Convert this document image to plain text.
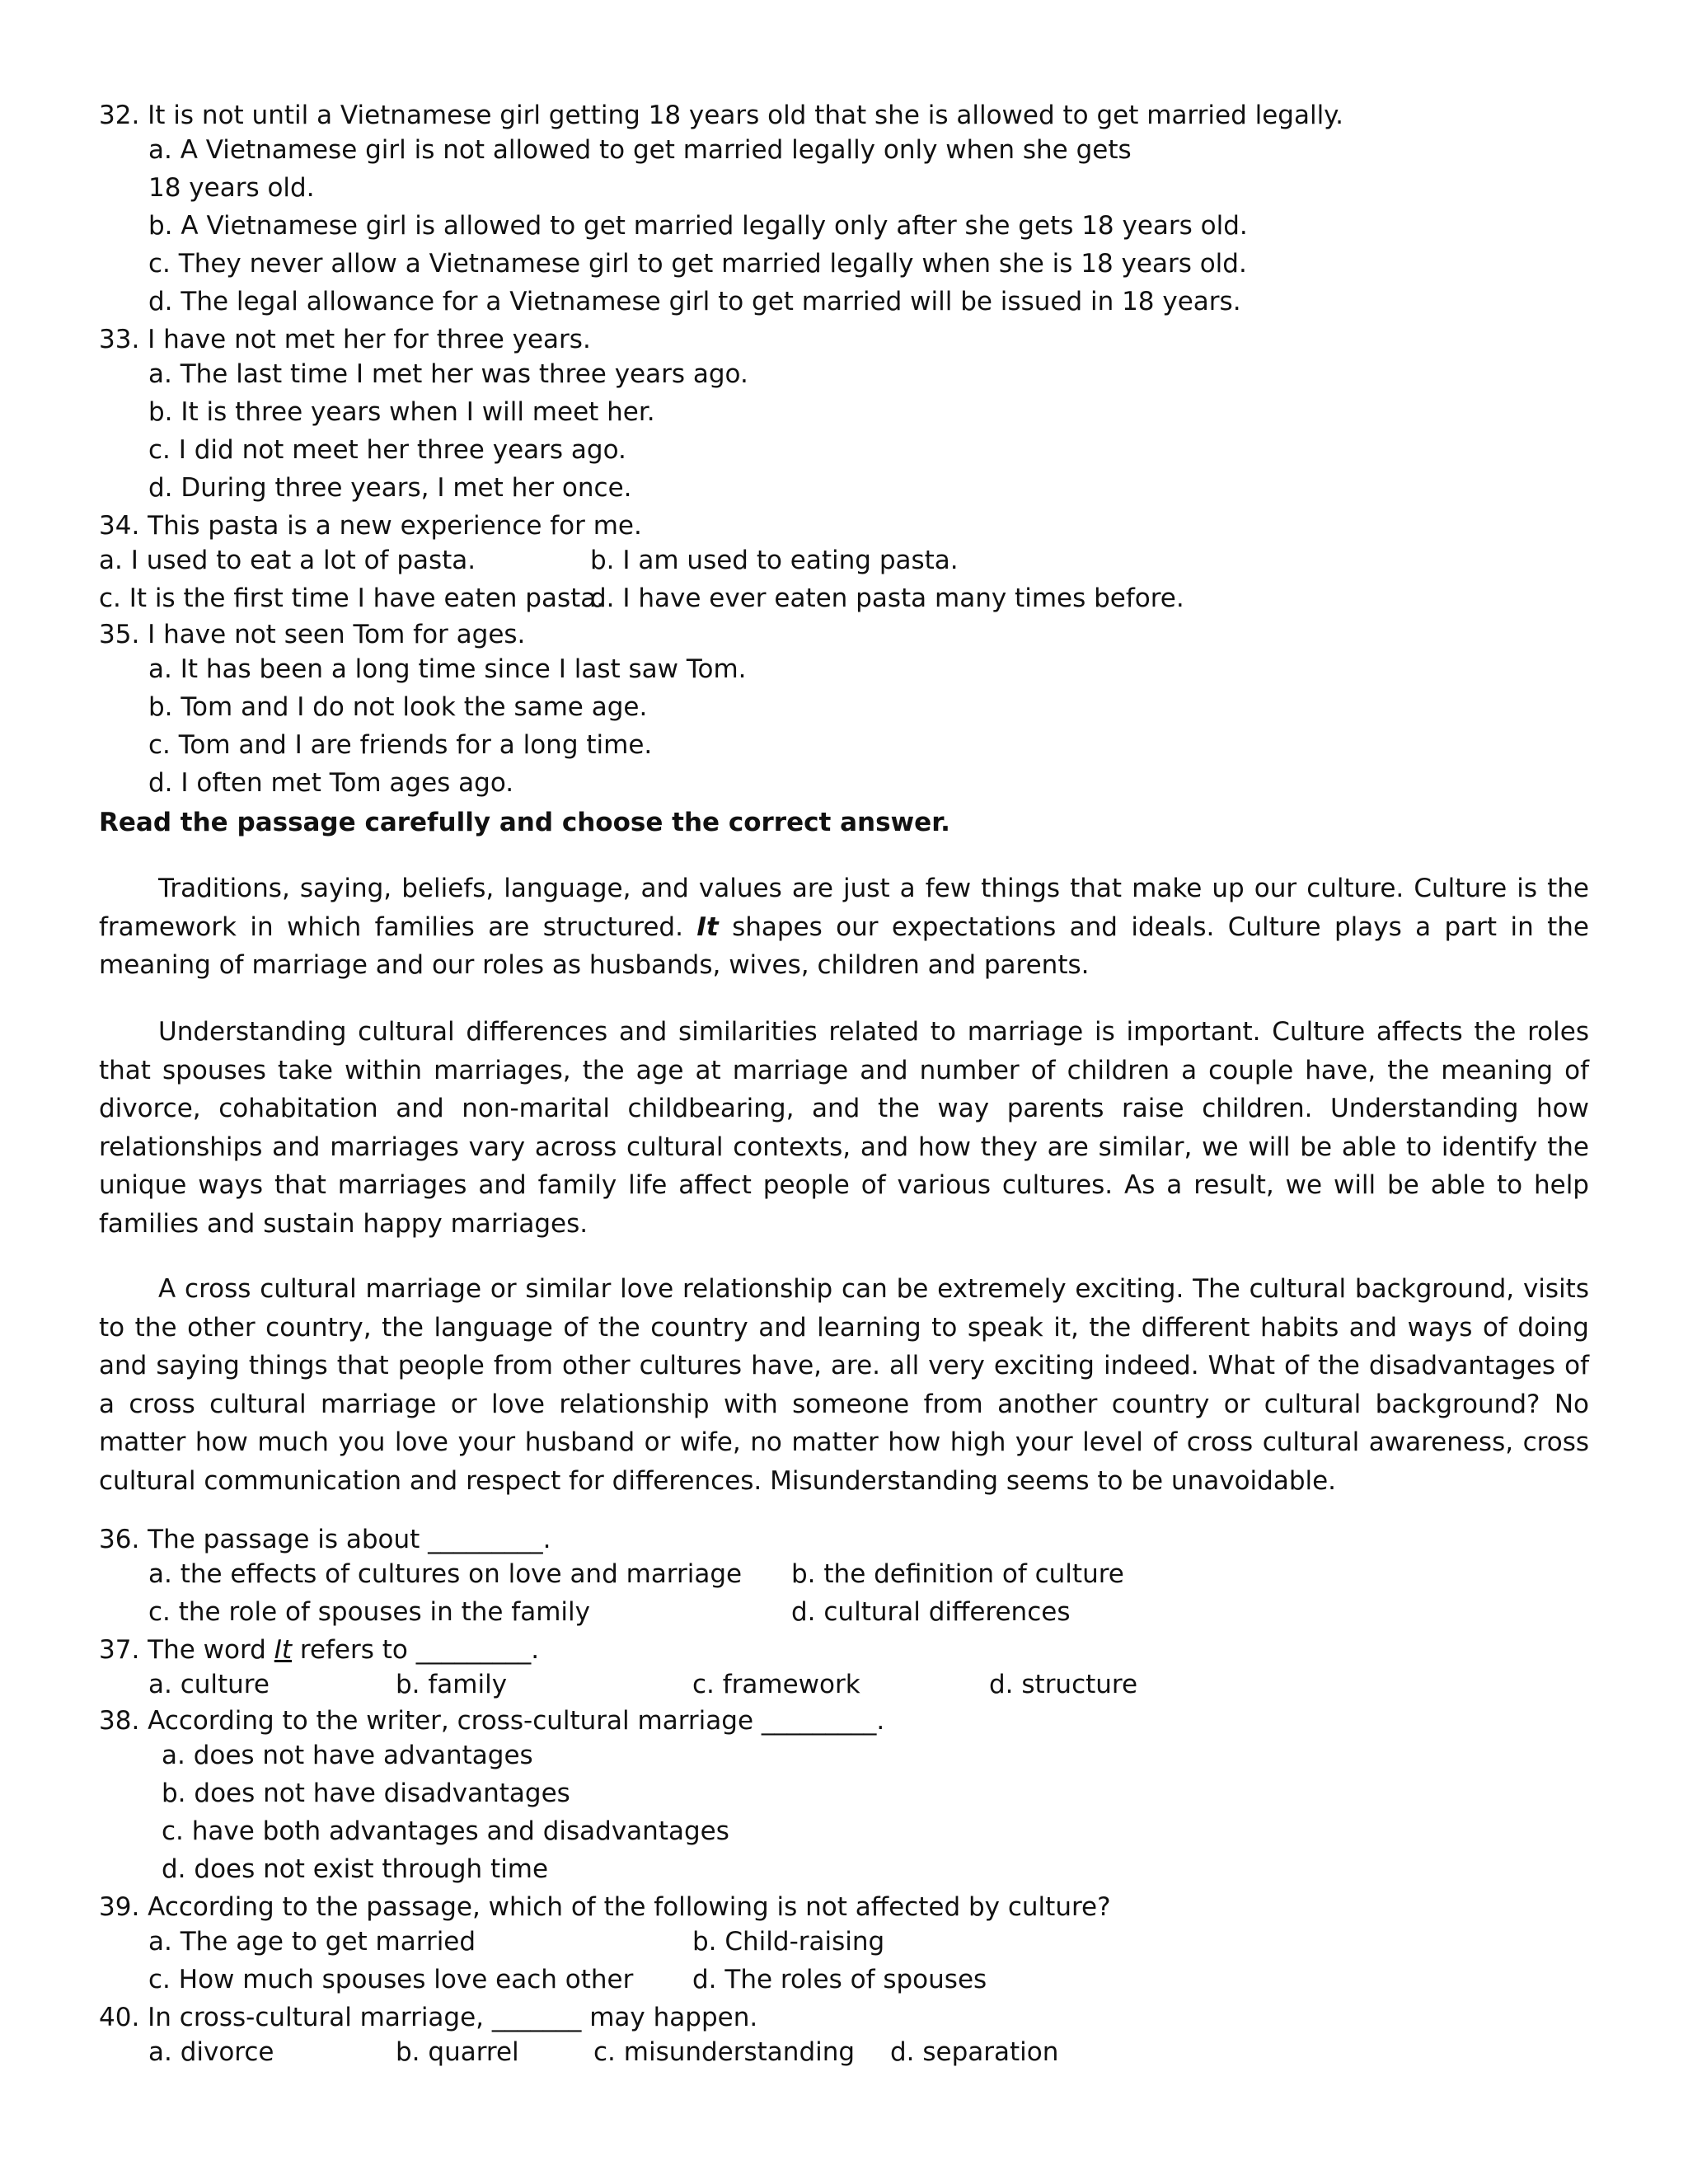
32. It is not until a Vietnamese girl getting 18 years old that she is allowed to get married legally.
a. A Vietnamese girl is not allowed to get married legally only when she gets
18 years old.
b. A Vietnamese girl is allowed to get married legally only after she gets 18 years old.
c. They never allow a Vietnamese girl to get married legally when she is 18 years old.
d. The legal allowance for a Vietnamese girl to get married will be issued in 18 years.
33. I have not met her for three years.
a. The last time I met her was three years ago.
b. It is three years when I will meet her.
c. I did not meet her three years ago.
d. During three years, I met her once.
34. This pasta is a new experience for me.
a. I used to eat a lot of pasta.	b. I am used to eating pasta.
c. It is the first time I have eaten pasta.
d. I have ever eaten pasta many times before.
35. I have not seen Tom for ages.
a. It has been a long time since I last saw Tom.
b. Tom and I do not look the same age.
c. Tom and I are friends for a long time.
d. I often met Tom ages ago.
Read the passage carefully and choose the correct answer.
Traditions, saying, beliefs, language, and values are just a few things that make up our culture. Culture is the framework in which families are structured. It shapes our expectations and ideals. Culture plays a part in the meaning of marriage and our roles as husbands, wives, children and parents.
Understanding cultural differences and similarities related to marriage is important. Culture affects the roles that spouses take within marriages, the age at marriage and number of children a couple have, the meaning of divorce, cohabitation and non-marital childbearing, and the way parents raise children. Understanding how relationships and marriages vary across cultural contexts, and how they are similar, we will be able to identify the unique ways that marriages and family life affect people of various cultures. As a result, we will be able to help families and sustain happy marriages.
A cross cultural marriage or similar love relationship can be extremely exciting. The cultural background, visits to the other country, the language of the country and learning to speak it, the different habits and ways of doing and saying things that people from other cultures have, are. all very exciting indeed. What of the disadvantages of a cross cultural marriage or love relationship with someone from another country or cultural background? No matter how much you love your husband or wife, no matter how high your level of cross cultural awareness, cross cultural communication and respect for differences. Misunderstanding seems to be unavoidable.
36. The passage is about _________.
a. the effects of cultures on love and marriage b. the definition of culture
c. the role of spouses in the family	d. cultural differences
37. The word It refers to _________.
a. culture	b. family	c. framework	d. structure
38. According to the writer, cross-cultural marriage _________.
a. does not have advantages
b. does not have disadvantages
c. have both advantages and disadvantages
d. does not exist through time
39. According to the passage, which of the following is not affected by culture?
a. The age to get married	b. Child-raising
c. How much spouses love each other d. The roles of spouses
40. In cross-cultural marriage, _______ may happen.
a. divorce	b. quarrel	c. misunderstanding d. separation
